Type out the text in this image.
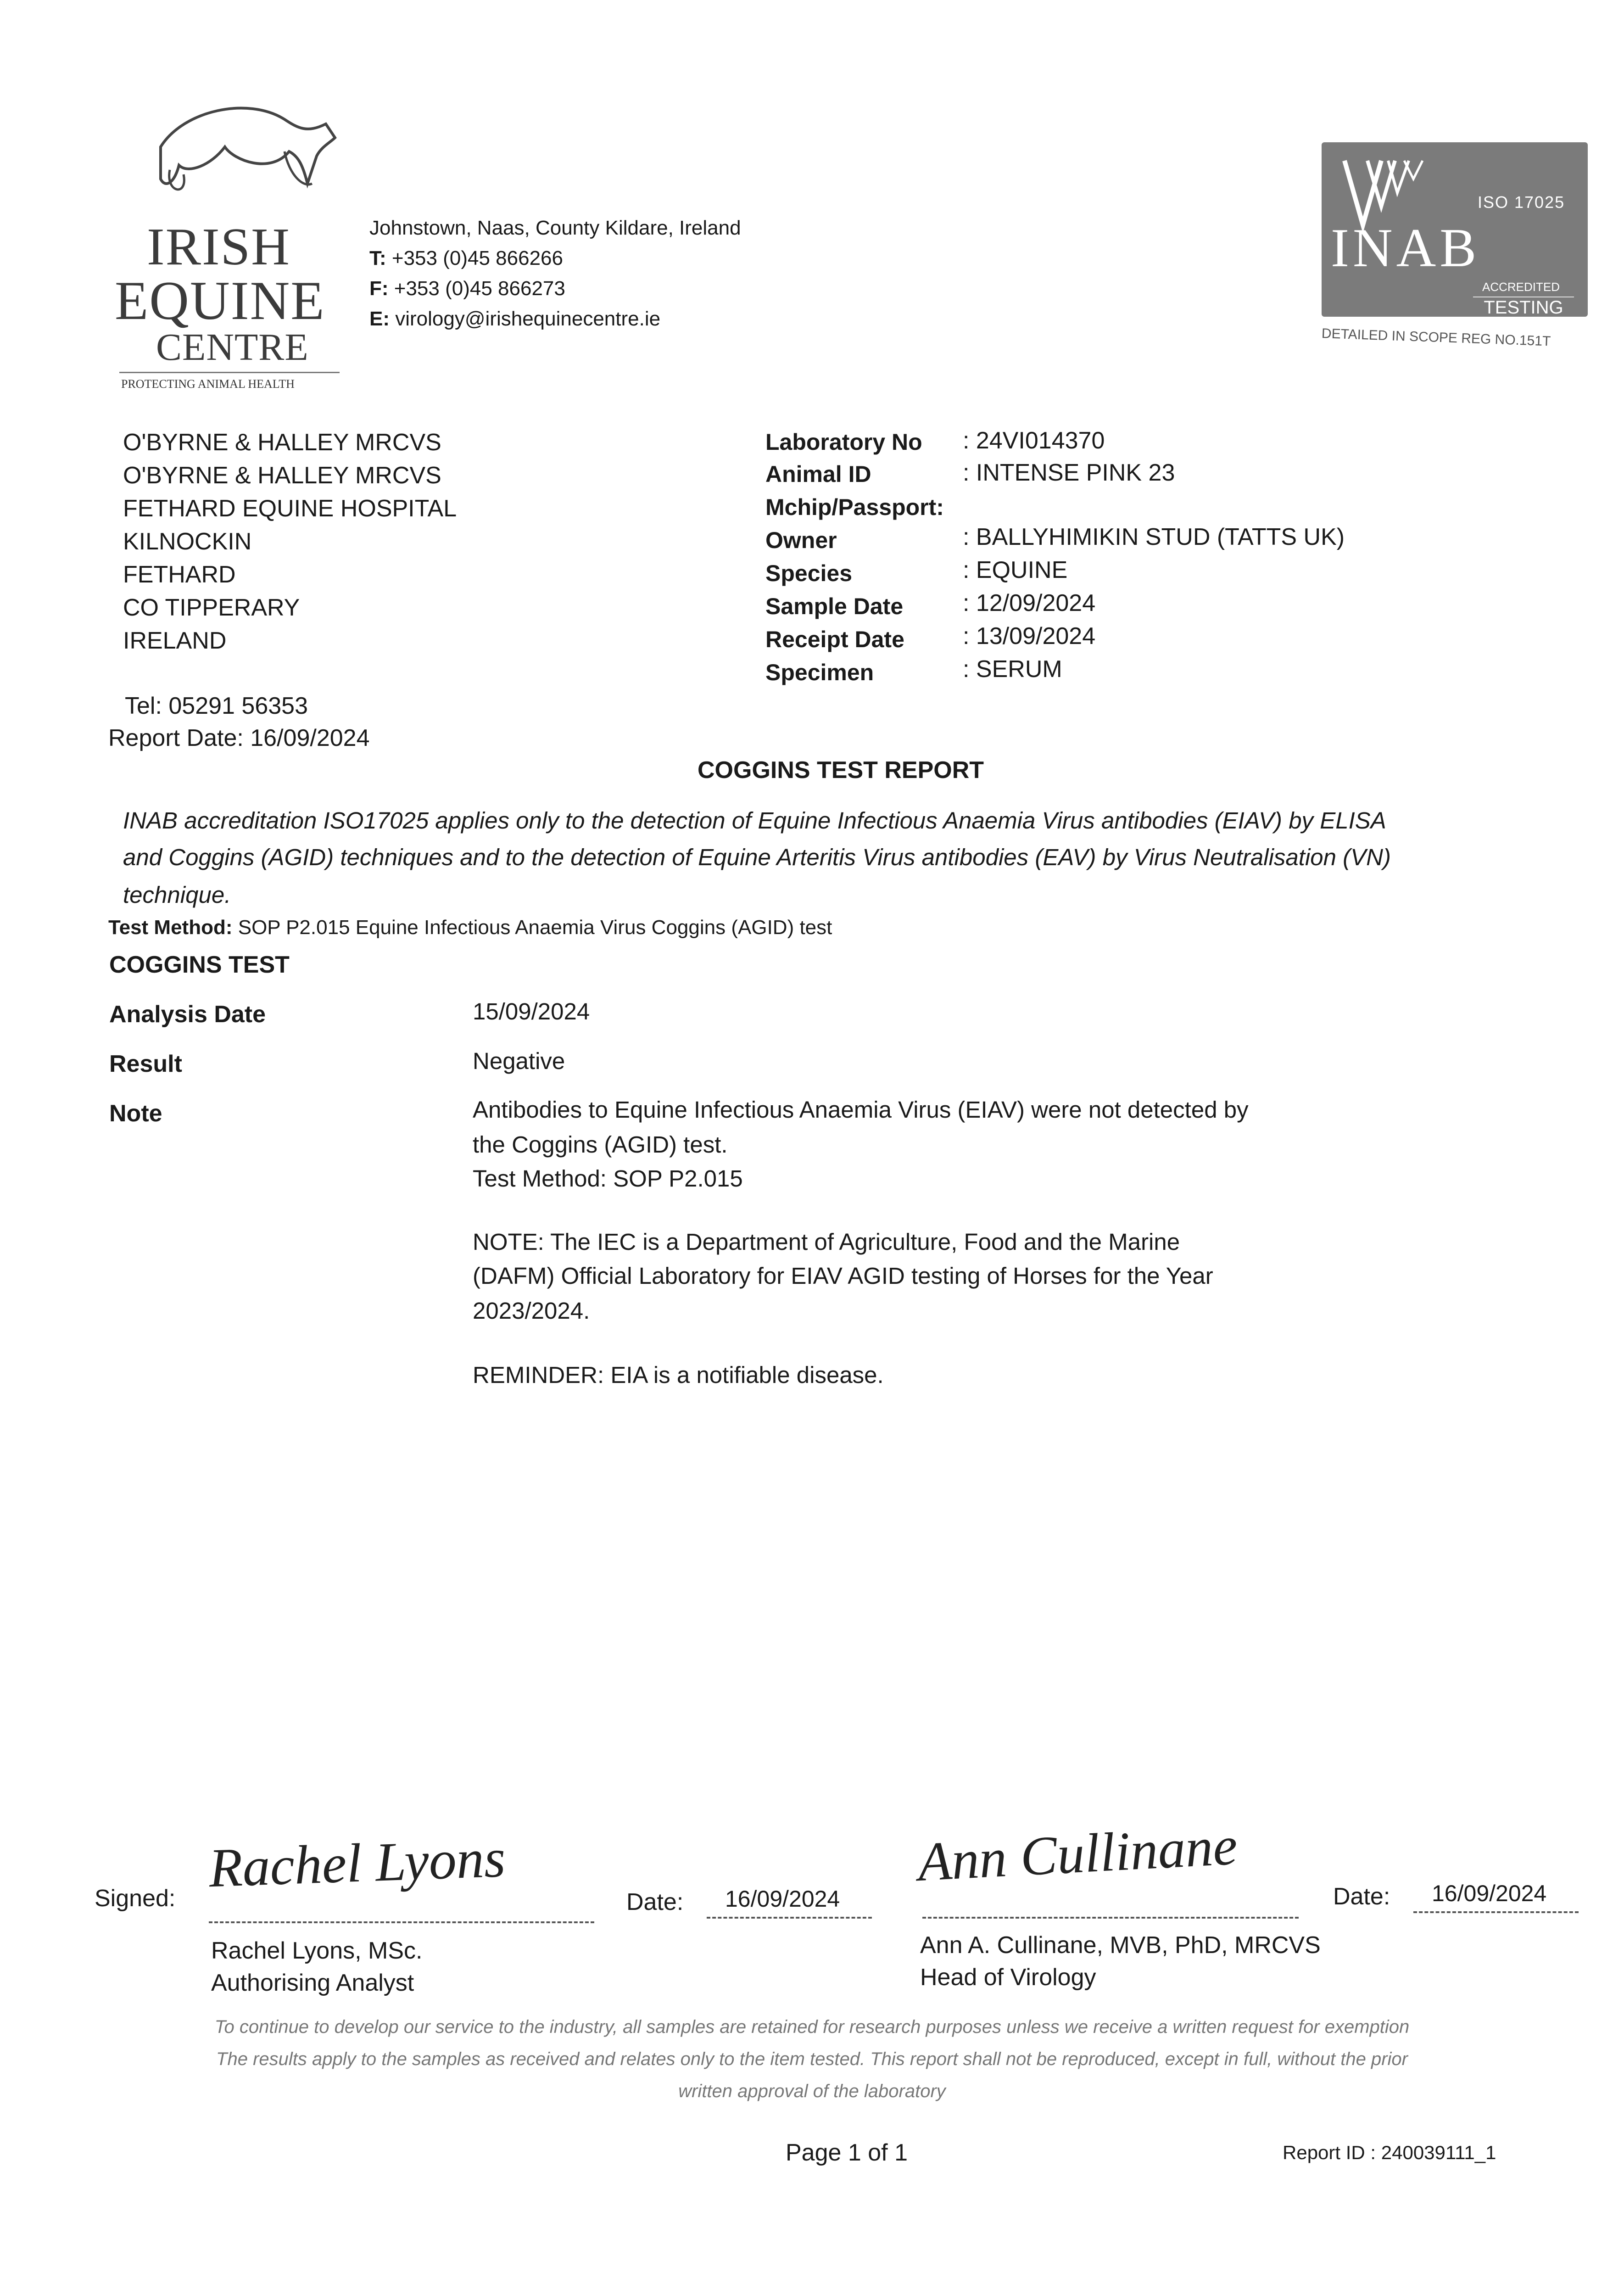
IRISH
EQUINE
CENTRE
PROTECTING ANIMAL HEALTH
Johnstown, Naas, County Kildare, Ireland
T: +353 (0)45 866266
F: +353 (0)45 866273
E: virology@irishequinecentre.ie
ISO 17025
INAB
ACCREDITED
TESTING
DETAILED IN SCOPE REG NO.151T
O'BYRNE & HALLEY MRCVS
O'BYRNE & HALLEY MRCVS
FETHARD EQUINE HOSPITAL
KILNOCKIN
FETHARD
CO TIPPERARY
IRELAND
Tel: 05291 56353
Report Date: 16/09/2024
Laboratory No : 24VI014370
Animal ID	: INTENSE PINK 23
Mchip/Passport:
Owner	: BALLYHIMIKIN STUD (TATTS UK)
Species	: EQUINE
Sample Date : 12/09/2024
Receipt Date : 13/09/2024
Specimen	: SERUM
COGGINS TEST REPORT
INAB accreditation ISO17025 applies only to the detection of Equine Infectious Anaemia Virus antibodies (EIAV) by ELISA
and Coggins (AGID) techniques and to the detection of Equine Arteritis Virus antibodies (EAV) by Virus Neutralisation (VN)
technique.
Test Method: SOP P2.015 Equine Infectious Anaemia Virus Coggins (AGID) test
COGGINS TEST
Analysis Date	15/09/2024
Result	Negative
Note	Antibodies to Equine Infectious Anaemia Virus (EIAV) were not detected by
the Coggins (AGID) test.
Test Method: SOP P2.015
NOTE: The IEC is a Department of Agriculture, Food and the Marine
(DAFM) Official Laboratory for EIAV AGID testing of Horses for the Year
2023/2024.
REMINDER: EIA is a notifiable disease.
Signed: Rachel Lyons
Date: 16/09/2024
Rachel Lyons, MSc.
Authorising Analyst
Ann Cullinane
Date: 16/09/2024
Ann A. Cullinane, MVB, PhD, MRCVS
Head of Virology
To continue to develop our service to the industry, all samples are retained for research purposes unless we receive a written request for exemption
The results apply to the samples as received and relates only to the item tested. This report shall not be reproduced, except in full, without the prior
written approval of the laboratory
Page 1 of 1	Report ID : 240039111_1
